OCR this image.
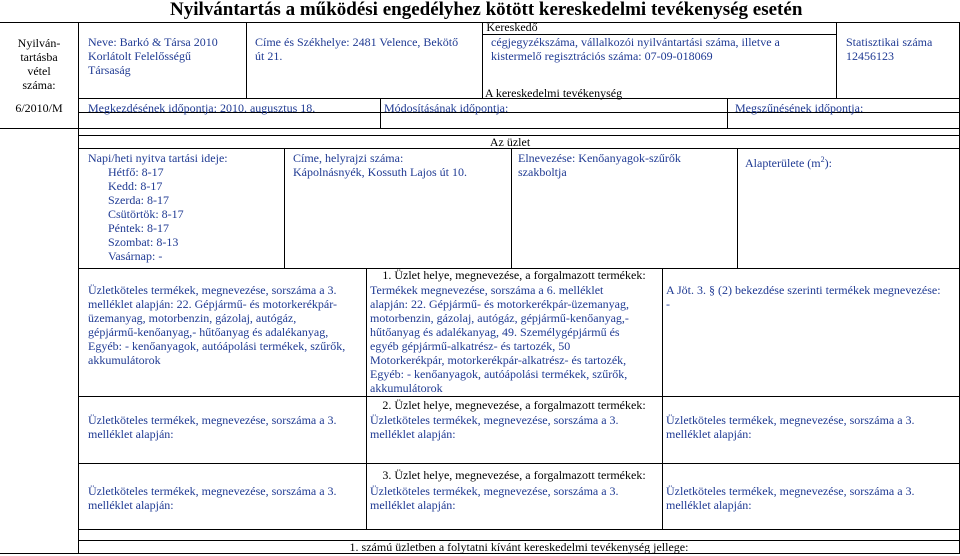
Nyilvántartás a működési engedélyhez kötött kereskedelmi tevékenység esetén
Nyilván-
tartásba
vétel
száma:
6/2010/M
Neve: Barkó & Társa 2010
Korlátolt Felelősségű
Társaság
Címe és Székhelye: 2481 Velence, Bekötő
út 21.
Kereskedő
cégjegyzékszáma, vállalkozói nyilvántartási száma, illetve a
kistermelő regisztrációs száma: 07-09-018069
Statisztikai száma
12456123
A kereskedelmi tevékenység
Megkezdésének időpontja: 2010. augusztus 18.	Módosításának időpontja:	Megszűnésének időpontja:
Az üzlet
Napi/heti nyitva tartási ideje:
Hétfő: 8-17
Kedd: 8-17
Szerda: 8-17
Csütörtök: 8-17
Péntek: 8-17
Szombat: 8-13
Vasárnap: -
Címe, helyrajzi száma:
Kápolnásnyék, Kossuth Lajos út 10.
Elnevezése: Kenőanyagok-szűrők
szakboltja
Alapterülete $(m^2)$:
1. Üzlet helye, megnevezése, a forgalmazott termékek:
Üzletköteles termékek, megnevezése, sorszáma a 3.
melléklet alapján: 22. Gépjármű- és motorkerékpár-
üzemanyag, motorbenzin, gázolaj, autógáz,
gépjármű-kenőanyag,- hűtőanyag és adalékanyag,
Egyéb: - kenőanyagok, autóápolási termékek, szűrők,
akkumulátorok
Termékek megnevezése, sorszáma a 6. melléklet
alapján: 22. Gépjármű- és motorkerékpár-üzemanyag,
motorbenzin, gázolaj, autógáz, gépjármű-kenőanyag,-
hűtőanyag és adalékanyag, 49. Személygépjármű és
egyéb gépjármű-alkatrész- és tartozék, 50
Motorkerékpár, motorkerékpár-alkatrész- és tartozék,
Egyéb: - kenőanyagok, autóápolási termékek, szűrők,
akkumulátorok
A Jöt. 3. § (2) bekezdése szerinti termékek megnevezése:
-
2. Üzlet helye, megnevezése, a forgalmazott termékek:
Üzletköteles termékek, megnevezése, sorszáma a 3.
melléklet alapján:
Üzletköteles termékek, megnevezése, sorszáma a 3.
melléklet alapján:
Üzletköteles termékek, megnevezése, sorszáma a 3.
melléklet alapján:
3. Üzlet helye, megnevezése, a forgalmazott termékek:
Üzletköteles termékek, megnevezése, sorszáma a 3.
melléklet alapján:
Üzletköteles termékek, megnevezése, sorszáma a 3.
melléklet alapján:
Üzletköteles termékek, megnevezése, sorszáma a 3.
melléklet alapján:
1. számú üzletben a folytatni kívánt kereskedelmi tevékenység jellege:
